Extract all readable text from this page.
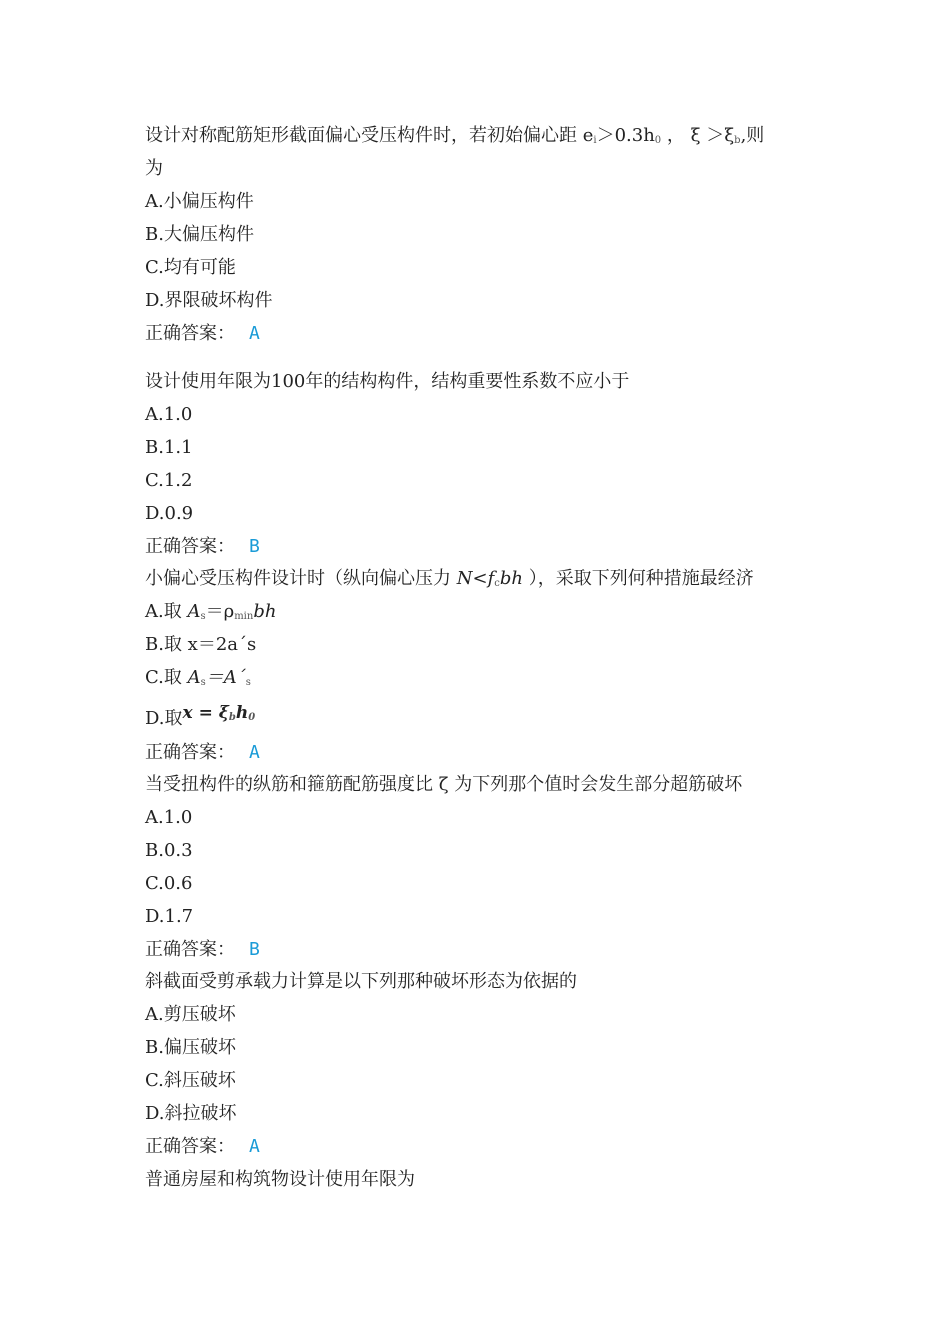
设计对称配筋矩形截面偏心受压构件时，若初始偏心距 $e_i>0.3h_0$ ， $\xi >\xi_b$,则
为
A.小偏压构件
B.大偏压构件
C.均有可能
D.界限破坏构件
正确答案： A
设计使用年限为100年的结构构件，结构重要性系数不应小于
A.1.0
B.1.1
C.1.2
D.0.9
正确答案： B
小偏心受压构件设计时（纵向偏心压力 $N<f_cbh$ ），采取下列何种措施最经济
A.取 $A_s=\rho_{min}bh$
B.取 x＝2a´s
C.取 $A_s=A´_s$
D.取$x = \xi_bh_0$
正确答案： A
当受扭构件的纵筋和箍筋配筋强度比 ζ 为下列那个值时会发生部分超筋破坏
A.1.0
B.0.3
C.0.6
D.1.7
正确答案： B
斜截面受剪承载力计算是以下列那种破坏形态为依据的
A.剪压破坏
B.偏压破坏
C.斜压破坏
D.斜拉破坏
正确答案： A
普通房屋和构筑物设计使用年限为
